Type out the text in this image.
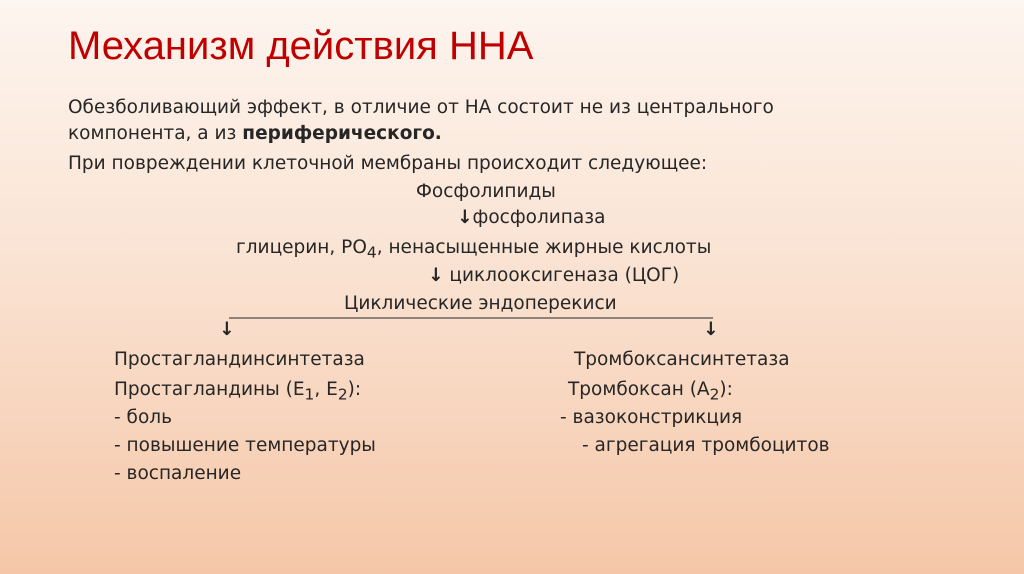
Механизм действия ННА
Обезболивающий эффект, в отличие от НА состоит не из центрального
компонента, а из периферического.
При повреждении клеточной мембраны происходит следующее:
Фосфолипиды
↓фосфолипаза
глицерин, $РО_4$, ненасыщенные жирные кислоты
↓ циклооксигеназа (ЦОГ)
Циклические эндоперекиси
↓	↓
Простагландинсинтетаза
Простагландины ($Е_1$, $Е_2$):
- боль
- повышение температуры
- воспаление
Тромбоксансинтетаза
Тромбоксан $(А_2)$:
- вазоконстрикция
- агрегация тромбоцитов
